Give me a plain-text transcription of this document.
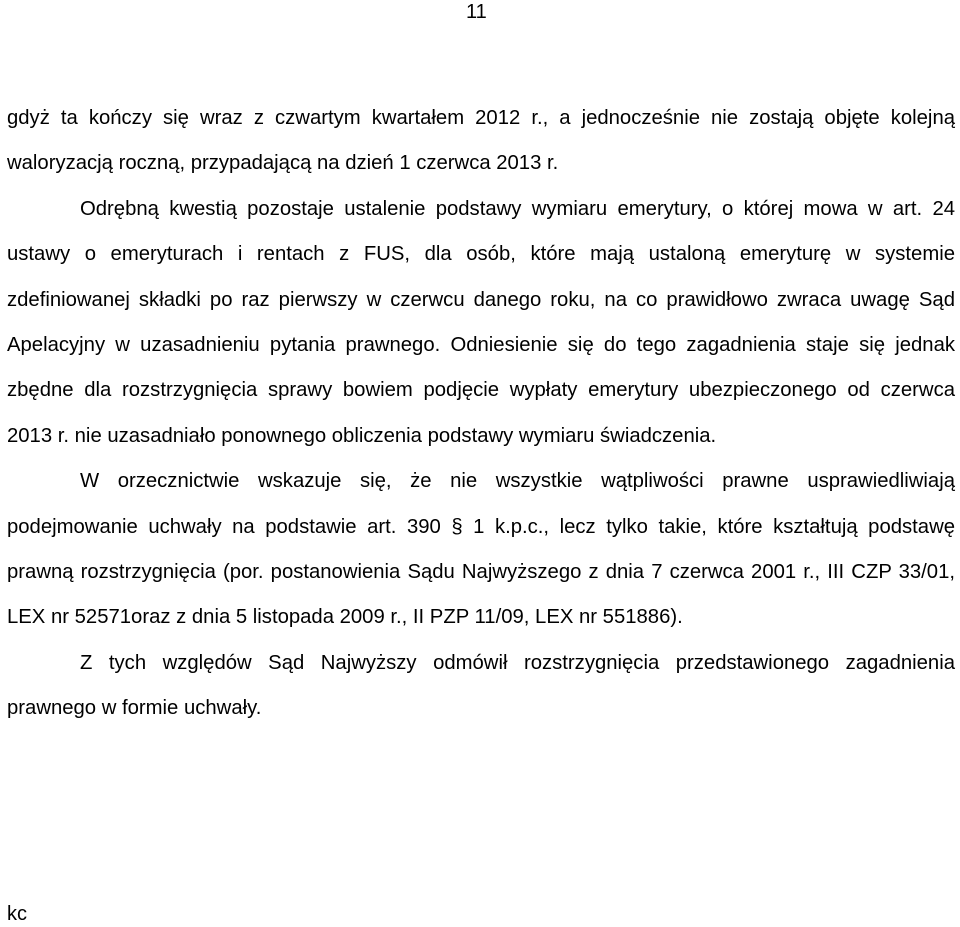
11

gdyż ta kończy się wraz z czwartym kwartałem 2012 r., a jednocześnie nie zostają objęte kolejną waloryzacją roczną, przypadającą na dzień 1 czerwca 2013 r.

Odrębną kwestią pozostaje ustalenie podstawy wymiaru emerytury, o której mowa w art. 24 ustawy o emeryturach i rentach z FUS, dla osób, które mają ustaloną emeryturę w systemie zdefiniowanej składki po raz pierwszy w czerwcu danego roku, na co prawidłowo zwraca uwagę Sąd Apelacyjny w uzasadnieniu pytania prawnego. Odniesienie się do tego zagadnienia staje się jednak zbędne dla rozstrzygnięcia sprawy bowiem podjęcie wypłaty emerytury ubezpieczonego od czerwca 2013 r. nie uzasadniało ponownego obliczenia podstawy wymiaru świadczenia.

W orzecznictwie wskazuje się, że nie wszystkie wątpliwości prawne usprawiedliwiają podejmowanie uchwały na podstawie art. 390 § 1 k.p.c., lecz tylko takie, które kształtują podstawę prawną rozstrzygnięcia (por. postanowienia Sądu Najwyższego z dnia 7 czerwca 2001 r., III CZP 33/01, LEX nr 52571oraz z dnia 5 listopada 2009 r., II PZP 11/09, LEX nr 551886).

Z tych względów Sąd Najwyższy odmówił rozstrzygnięcia przedstawionego zagadnienia prawnego w formie uchwały.

kc
